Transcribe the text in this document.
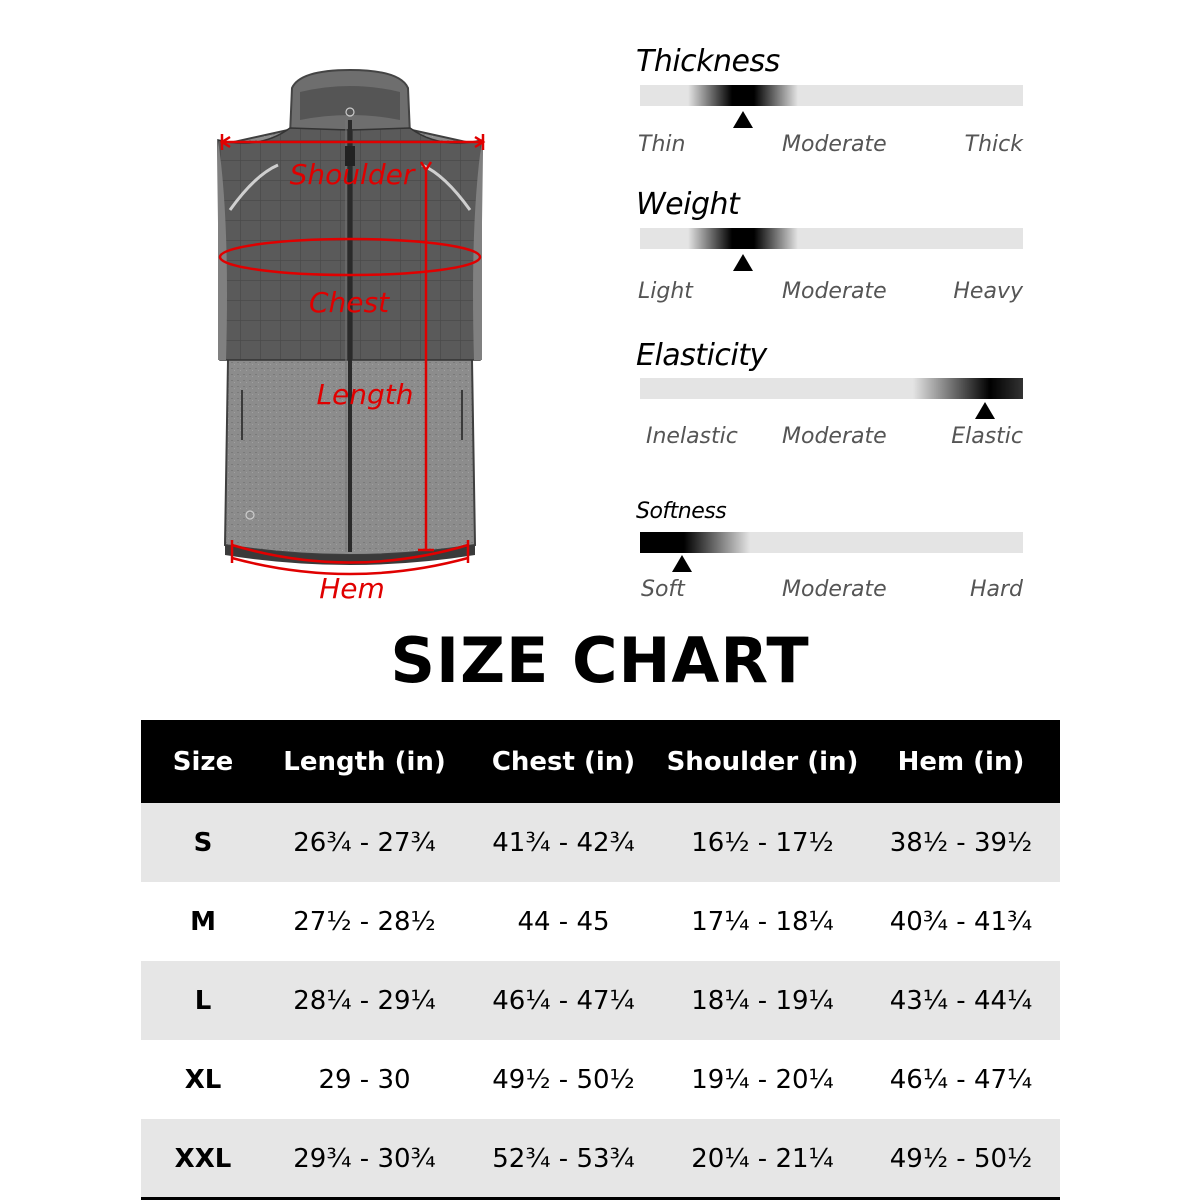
Shoulder
Chest
Length
Hem
Thickness
Thin	Moderate	Thick
Weight
Light	Moderate	Heavy
Elasticity
Inelastic Moderate	Elastic
Softness
Soft	Moderate	Hard
SIZE CHART
Size	Length (in)	Chest (in)	Shoulder (in)	Hem (in)
S	26¾ - 27¾	41¾ - 42¾	16½ - 17½	38½ - 39½
M	27½ - 28½	44 - 45	17¼ - 18¼	40¾ - 41¾
L	28¼ - 29¼	46¼ - 47¼	18¼ - 19¼	43¼ - 44¼
XL	29 - 30	49½ - 50½	19¼ - 20¼	46¼ - 47¼
XXL	29¾ - 30¾	52¾ - 53¾	20¼ - 21¼	49½ - 50½
